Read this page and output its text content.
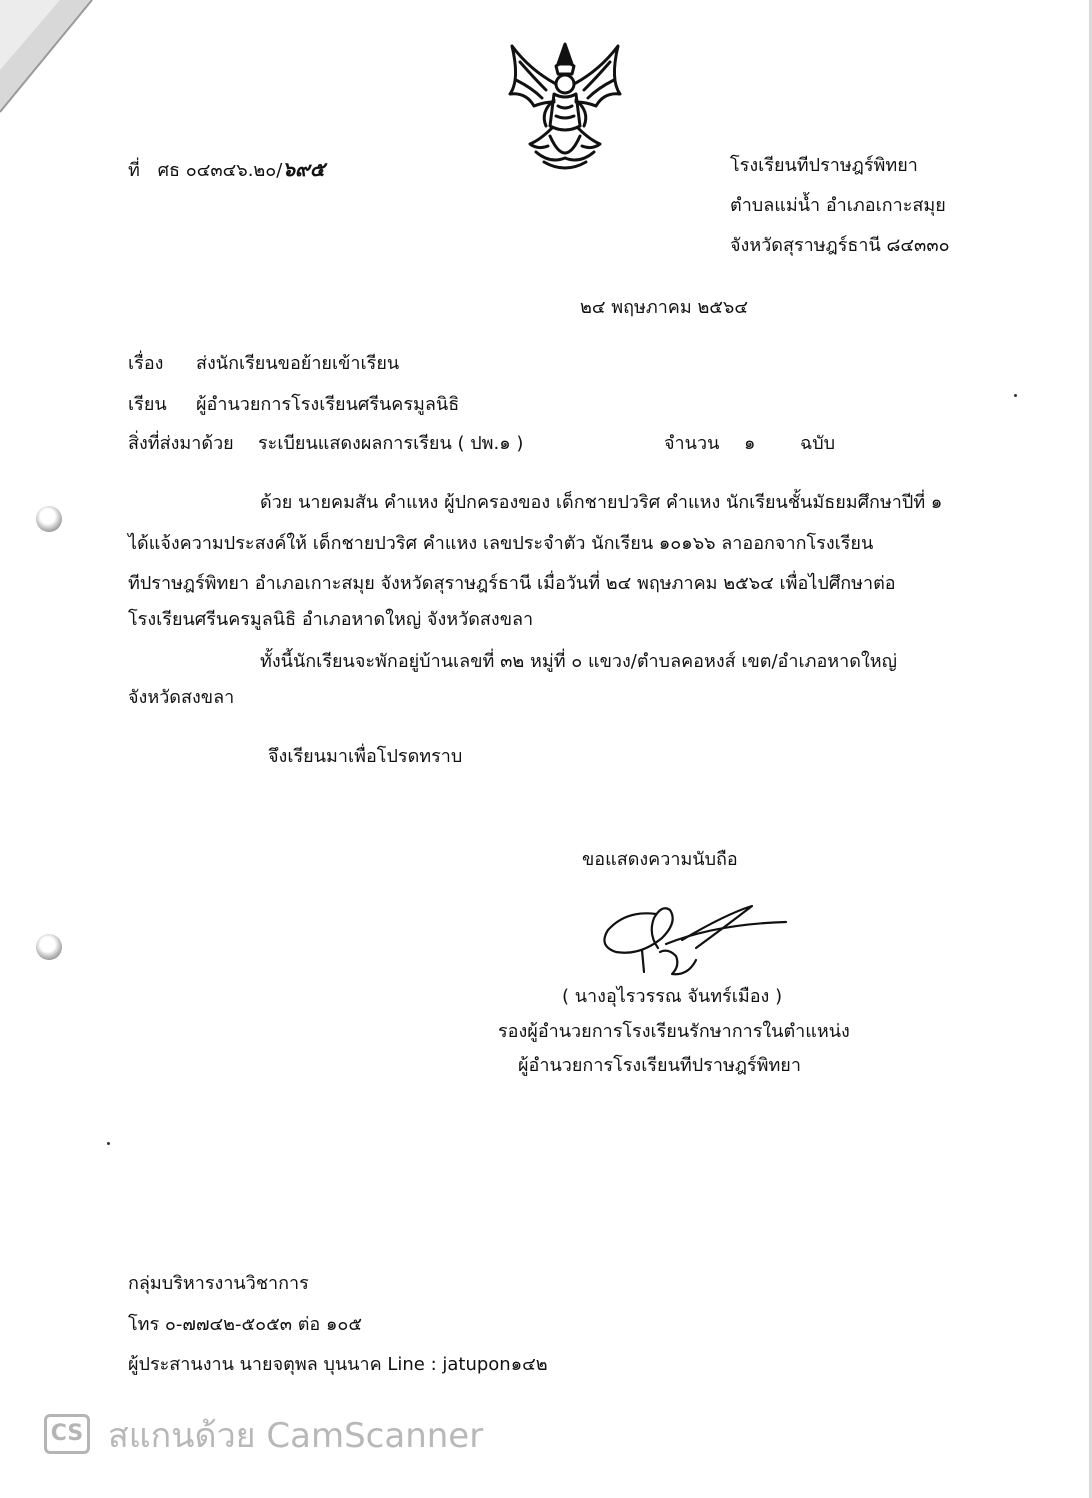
ที่ ศธ ๐๔๓๔๖.๒๐/๖๙๕	โรงเรียนทีปราษฎร์พิทยา
ตำบลแม่น้ำ อำเภอเกาะสมุย
จังหวัดสุราษฎร์ธานี ๘๔๓๓๐
๒๔ พฤษภาคม ๒๕๖๔
เรื่อง ส่งนักเรียนขอย้ายเข้าเรียน
เรียน ผู้อำนวยการโรงเรียนศรีนครมูลนิธิ
สิ่งที่ส่งมาด้วย ระเบียนแสดงผลการเรียน ( ปพ.๑ )	จำนวน ๑ ฉบับ
ด้วย นายคมสัน คำแหง ผู้ปกครองของ เด็กชายปวริศ คำแหง นักเรียนชั้นมัธยมศึกษาปีที่ ๑
ได้แจ้งความประสงค์ให้ เด็กชายปวริศ คำแหง เลขประจำตัว นักเรียน ๑๐๑๖๖ ลาออกจากโรงเรียน
ทีปราษฎร์พิทยา อำเภอเกาะสมุย จังหวัดสุราษฎร์ธานี เมื่อวันที่ ๒๔ พฤษภาคม ๒๕๖๔ เพื่อไปศึกษาต่อ
โรงเรียนศรีนครมูลนิธิ อำเภอหาดใหญ่ จังหวัดสงขลา
ทั้งนี้นักเรียนจะพักอยู่บ้านเลขที่ ๓๒ หมู่ที่ ๐ แขวง/ตำบลคอหงส์ เขต/อำเภอหาดใหญ่
จังหวัดสงขลา
จึงเรียนมาเพื่อโปรดทราบ
ขอแสดงความนับถือ
( นางอุไรวรรณ จันทร์เมือง )
รองผู้อำนวยการโรงเรียนรักษาการในตำแหน่ง
ผู้อำนวยการโรงเรียนทีปราษฎร์พิทยา
กลุ่มบริหารงานวิชาการ
โทร ๐-๗๗๔๒-๕๐๕๓ ต่อ ๑๐๕
ผู้ประสานงาน นายจตุพล บุนนาค Line : jatupon๑๔๒
CS สแกนด้วย CamScanner
